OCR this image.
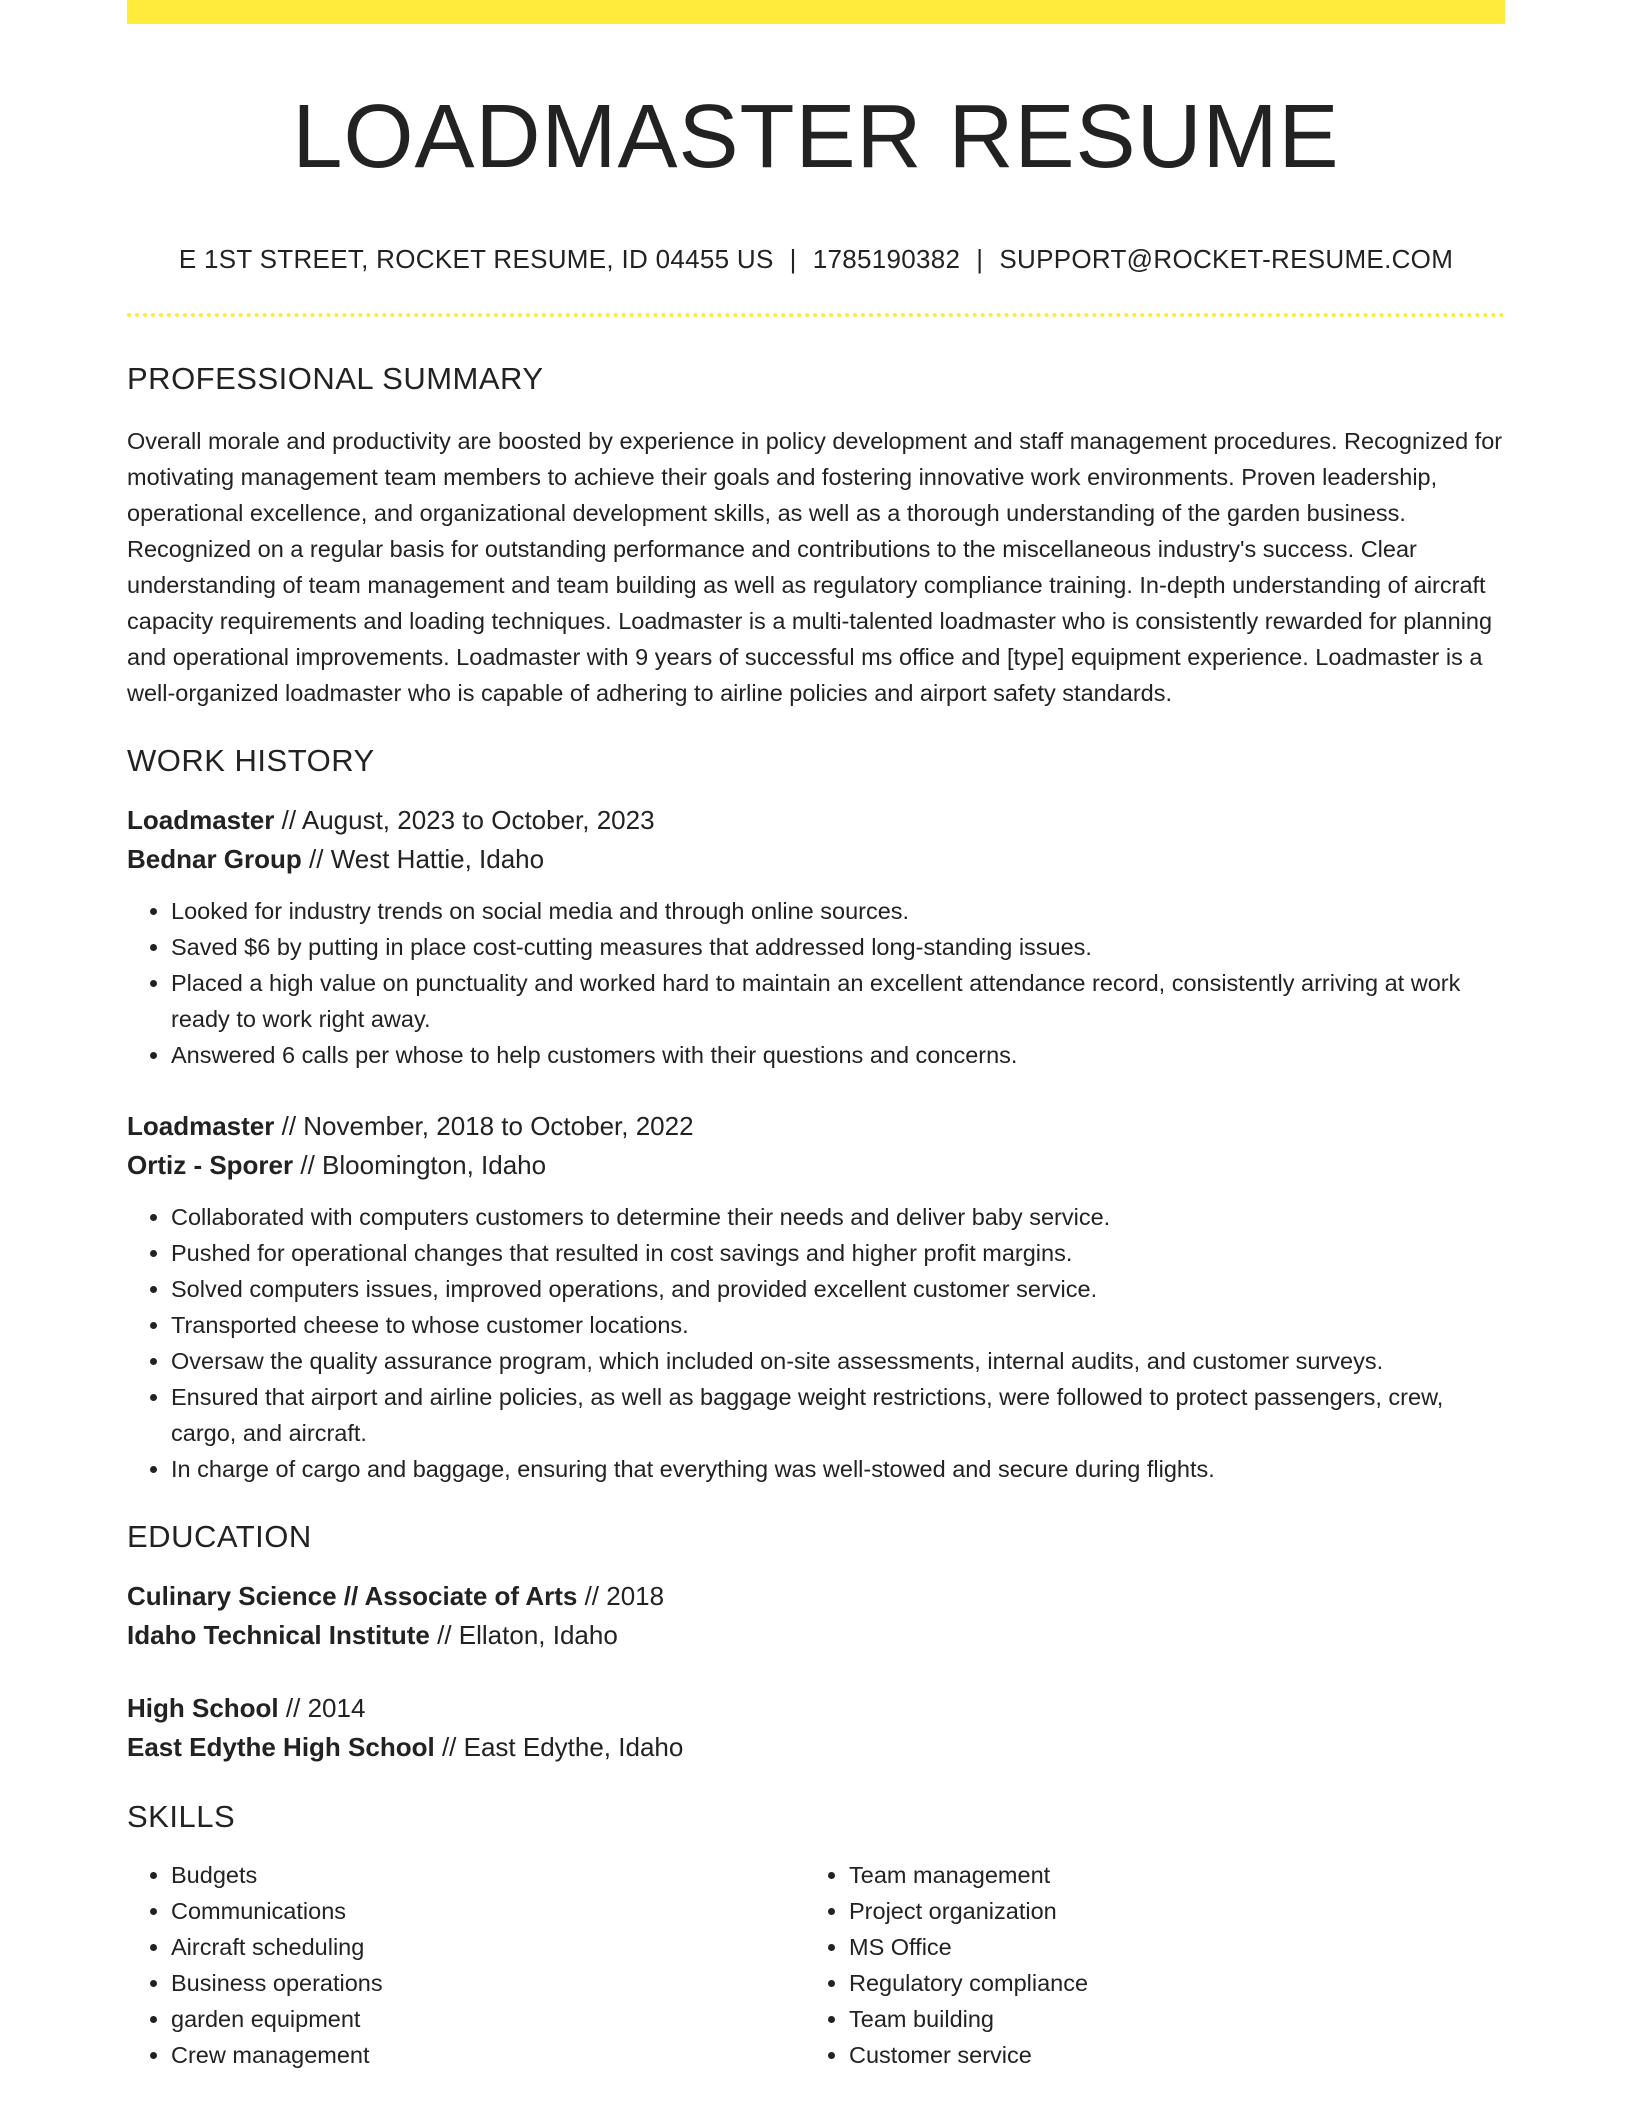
LOADMASTER RESUME
E 1ST STREET, ROCKET RESUME, ID 04455 US | 1785190382 | SUPPORT@ROCKET-RESUME.COM
PROFESSIONAL SUMMARY
Overall morale and productivity are boosted by experience in policy development and staff management procedures. Recognized for motivating management team members to achieve their goals and fostering innovative work environments. Proven leadership, operational excellence, and organizational development skills, as well as a thorough understanding of the garden business. Recognized on a regular basis for outstanding performance and contributions to the miscellaneous industry's success. Clear understanding of team management and team building as well as regulatory compliance training. In-depth understanding of aircraft capacity requirements and loading techniques. Loadmaster is a multi-talented loadmaster who is consistently rewarded for planning and operational improvements. Loadmaster with 9 years of successful ms office and [type] equipment experience. Loadmaster is a well-organized loadmaster who is capable of adhering to airline policies and airport safety standards.
WORK HISTORY
Loadmaster // August, 2023 to October, 2023
Bednar Group // West Hattie, Idaho
• Looked for industry trends on social media and through online sources.
• Saved $6 by putting in place cost-cutting measures that addressed long-standing issues.
• Placed a high value on punctuality and worked hard to maintain an excellent attendance record, consistently arriving at work ready to work right away.
• Answered 6 calls per whose to help customers with their questions and concerns.
Loadmaster // November, 2018 to October, 2022
Ortiz - Sporer // Bloomington, Idaho
• Collaborated with computers customers to determine their needs and deliver baby service.
• Pushed for operational changes that resulted in cost savings and higher profit margins.
• Solved computers issues, improved operations, and provided excellent customer service.
• Transported cheese to whose customer locations.
• Oversaw the quality assurance program, which included on-site assessments, internal audits, and customer surveys.
• Ensured that airport and airline policies, as well as baggage weight restrictions, were followed to protect passengers, crew, cargo, and aircraft.
• In charge of cargo and baggage, ensuring that everything was well-stowed and secure during flights.
EDUCATION
Culinary Science // Associate of Arts // 2018
Idaho Technical Institute // Ellaton, Idaho
High School // 2014
East Edythe High School // East Edythe, Idaho
SKILLS
• Budgets
• Communications
• Aircraft scheduling
• Business operations
• garden equipment
• Crew management
• Team management
• Project organization
• MS Office
• Regulatory compliance
• Team building
• Customer service
